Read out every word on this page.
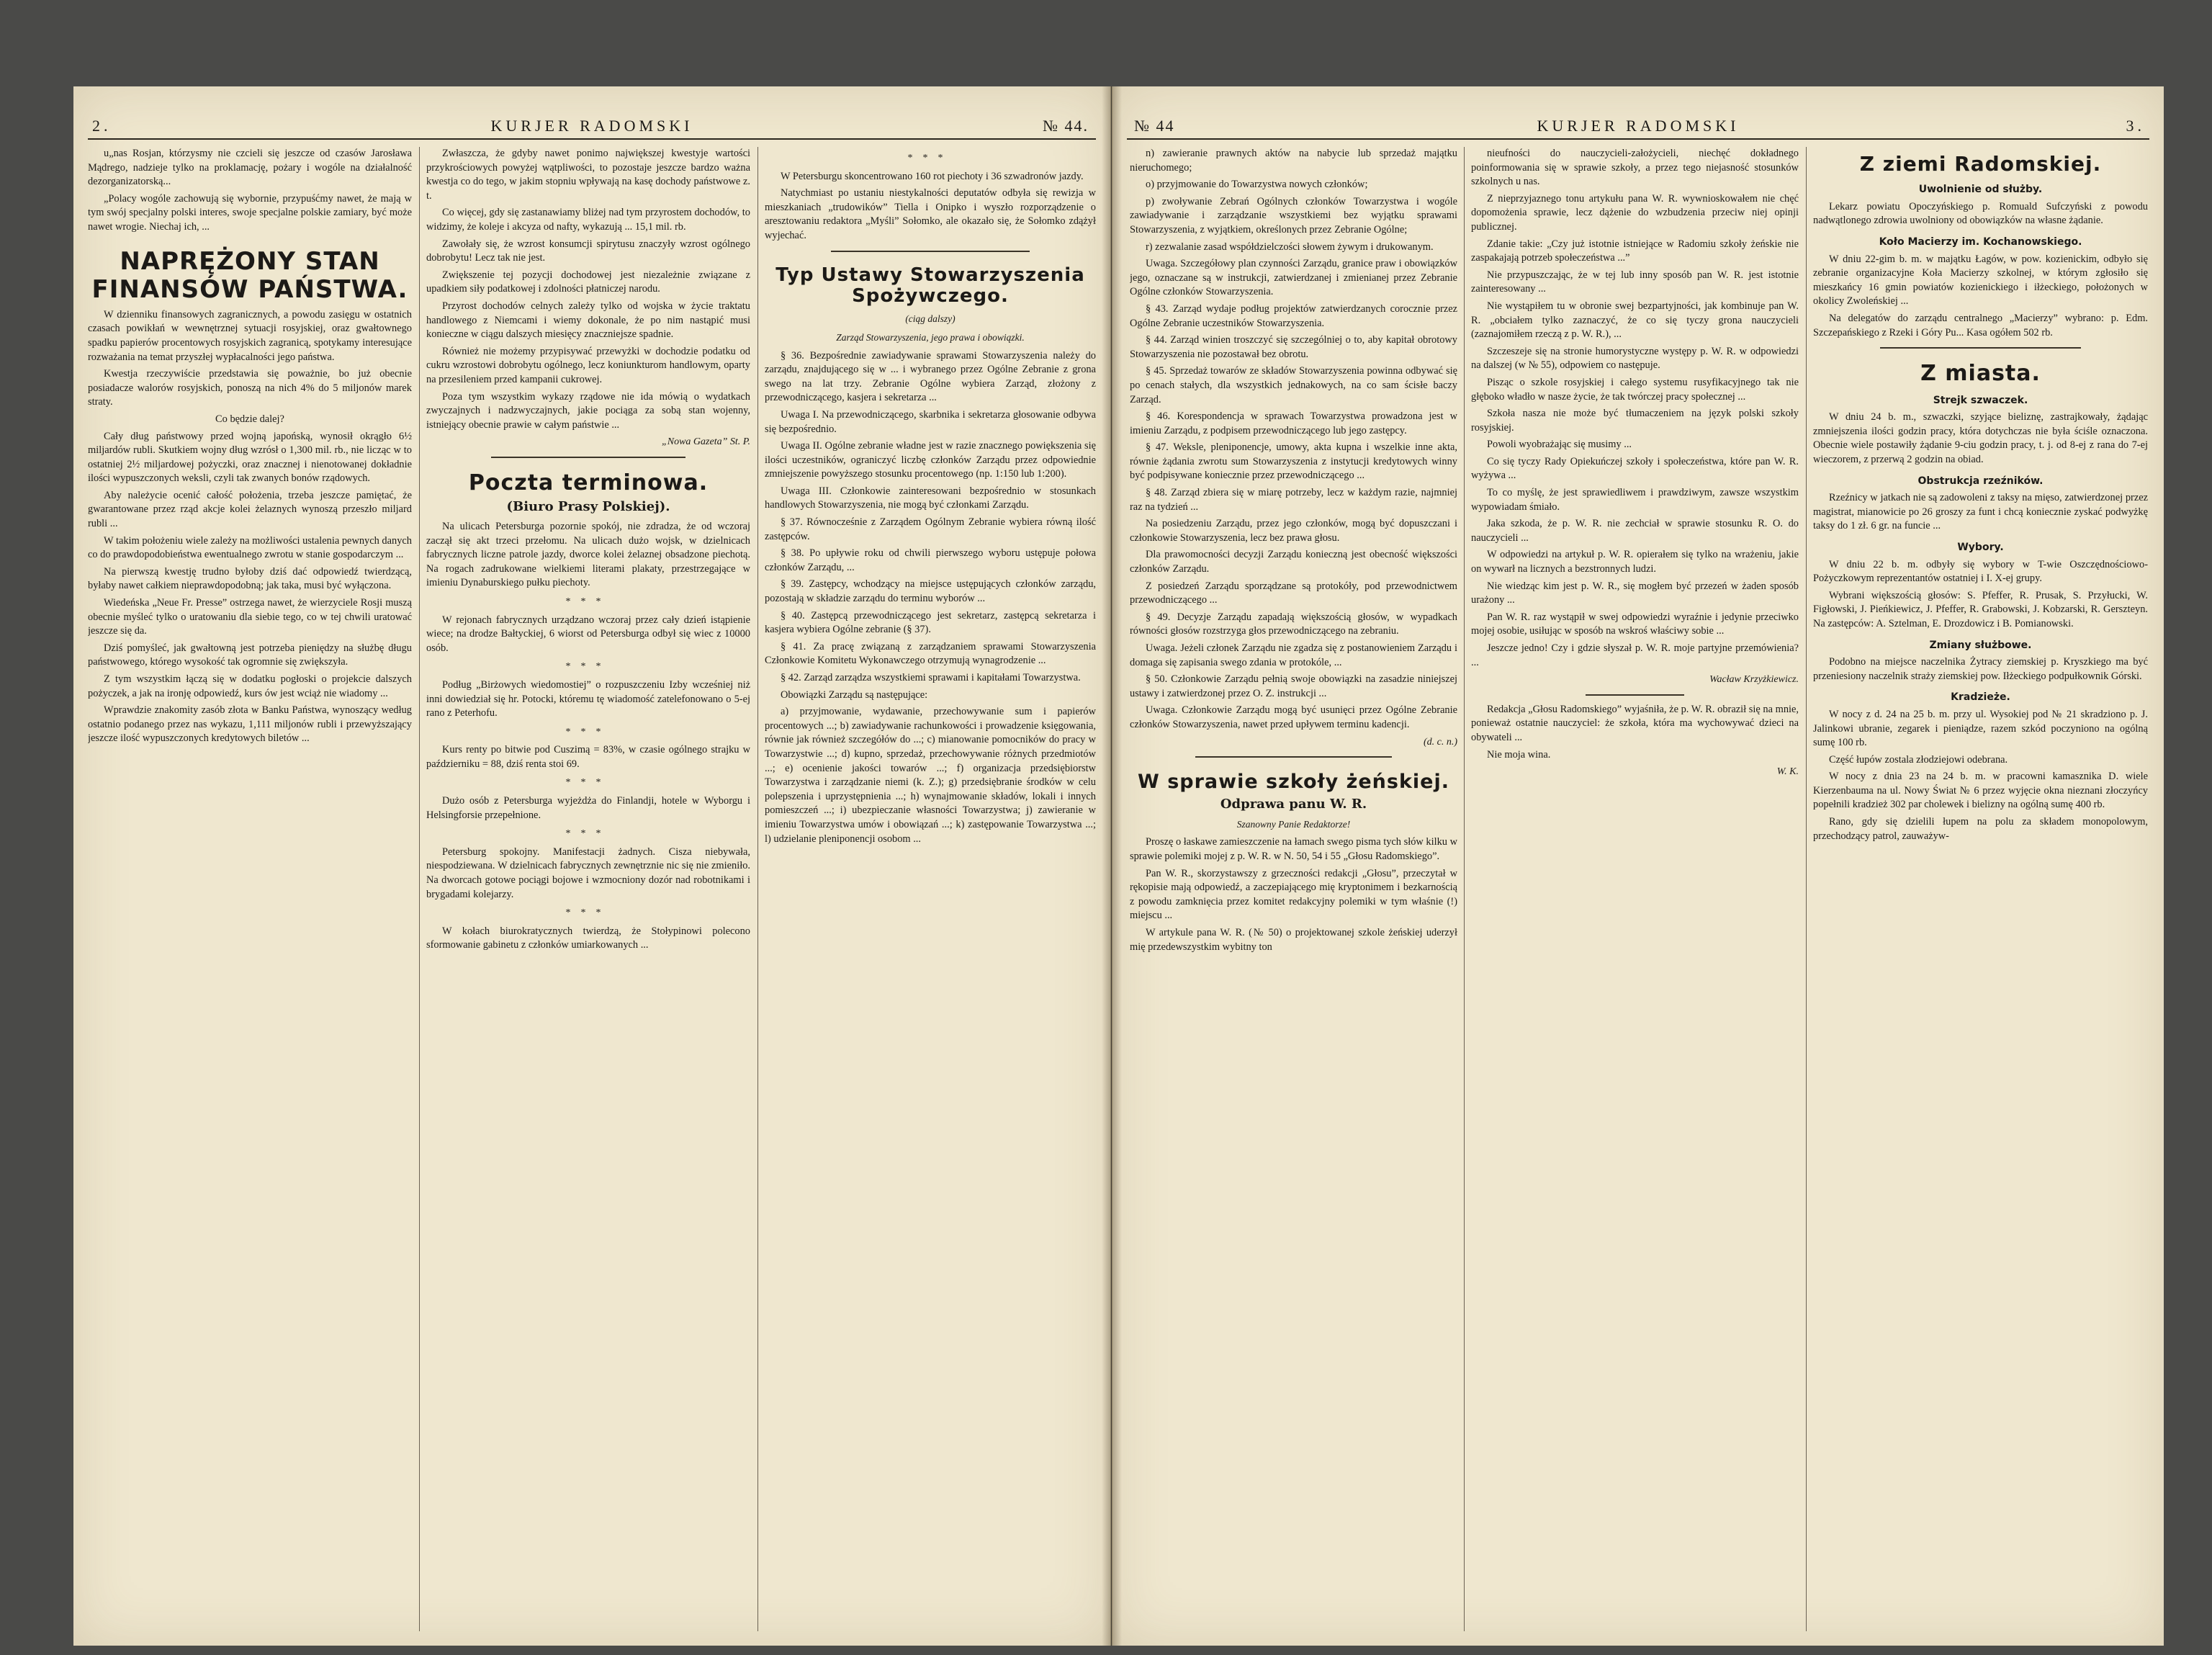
2.	KURJER RADOMSKI	№ 44.

u„nas Rosjan, którzysmy nie czcieli się jeszcze od czasów Jarosława Mądrego, nadzieje tylko na proklamację, pożary i wogóle na działalność dezorganizatorską...

„Polacy wogóle zachowują się wybornie, przypuśćmy nawet, że mają w tym swój specjalny polski interes, swoje specjalne polskie zamiary, być może nawet wrogie. Niechaj ich, ...

NAPRĘŻONY STAN FINANSÓW PAŃSTWA.

W dzienniku finansowych zagranicznych, a powodu zasięgu w ostatnich czasach powikłań w wewnętrznej sytuacji rosyjskiej, oraz gwałtownego spadku papierów procentowych rosyjskich zagranicą, spotykamy interesujące rozważania na temat przyszłej wypłacalności jego państwa.

Kwestja rzeczywiście przedstawia się poważnie, bo już obecnie posiadacze walorów rosyjskich, ponoszą na nich 4% do 5 miljonów marek straty.

Co będzie dalej?

Cały dług państwowy przed wojną japońską, wynosił okrągło 6½ miljardów rubli. Skutkiem wojny dług wzrósł o 1,300 mil. rb., nie licząc w to ostatniej 2½ miljardowej pożyczki, oraz znacznej i nienotowanej dokładnie ilości wypuszczonych weksli, czyli tak zwanych bonów rządowych.

Aby należycie ocenić całość położenia, trzeba jeszcze pamiętać, że gwarantowane przez rząd akcje kolei żelaznych wynoszą przeszło miljard rubli ...

W takim położeniu wiele zależy na możliwości ustalenia pewnych danych co do prawdopodobieństwa ewentualnego zwrotu w stanie gospodarczym ...

Na pierwszą kwestję trudno byłoby dziś dać odpowiedź twierdzącą, byłaby nawet całkiem nieprawdopodobną; jak taka, musi być wyłączona.

Wiedeńska „Neue Fr. Presse” ostrzega nawet, że wierzyciele Rosji muszą obecnie myśleć tylko o uratowaniu dla siebie tego, co w tej chwili uratować jeszcze się da.

Dziś pomyśleć, jak gwałtowną jest potrzeba pieniędzy na służbę długu państwowego, którego wysokość tak ogromnie się zwiększyła.

Z tym wszystkim łączą się w dodatku pogłoski o projekcie dalszych pożyczek, a jak na ironję odpowiedź, kurs ów jest wciąż nie wiadomy ...

Wprawdzie znakomity zasób złota w Banku Państwa, wynoszący według ostatnio podanego przez nas wykazu, 1,111 miljonów rubli i przewyższający jeszcze ilość wypuszczonych kredytowych biletów ...

Zwłaszcza, że gdyby nawet ponimo największej kwestyje wartości przykrościowych powyżej wątpliwości, to pozostaje jeszcze bardzo ważna kwestja co do tego, w jakim stopniu wpływają na kasę dochody państwowe z. t.

Co więcej, gdy się zastanawiamy bliżej nad tym przyrostem dochodów, to widzimy, że koleje i akcyza od nafty, wykazują ... 15,1 mil. rb.

Zawołały się, że wzrost konsumcji spirytusu znaczyły wzrost ogólnego dobrobytu! Lecz tak nie jest.

Zwiększenie tej pozycji dochodowej jest niezależnie związane z upadkiem siły podatkowej i zdolności płatniczej narodu.

Przyrost dochodów celnych zależy tylko od wojska w życie traktatu handlowego z Niemcami i wiemy dokonale, że po nim nastąpić musi konieczne w ciągu dalszych miesięcy znaczniejsze spadnie.

Również nie możemy przypisywać przewyżki w dochodzie podatku od cukru wzrostowi dobrobytu ogólnego, lecz koniunkturom handlowym, oparty na przesileniem przed kampanii cukrowej.

Poza tym wszystkim wykazy rządowe nie ida mówią o wydatkach zwyczajnych i nadzwyczajnych, jakie pociąga za sobą stan wojenny, istniejący obecnie prawie w całym państwie ...

„Nowa Gazeta” St. P.

Poczta terminowa.
(Biuro Prasy Polskiej).

Na ulicach Petersburga pozornie spokój, nie zdradza, że od wczoraj zaczął się akt trzeci przełomu. Na ulicach dużo wojsk, w dzielnicach fabrycznych liczne patrole jazdy, dworce kolei żelaznej obsadzone piechotą. Na rogach zadrukowane wielkiemi literami plakaty, przestrzegające w imieniu Dynaburskiego pułku piechoty.

***

W rejonach fabrycznych urządzano wczoraj przez cały dzień istąpienie wiece; na drodze Bałtyckiej, 6 wiorst od Petersburga odbył się wiec z 10000 osób.

***

Podług „Birżowych wiedomostiej” o rozpuszczeniu Izby wcześniej niż inni dowiedział się hr. Potocki, któremu tę wiadomość zatelefonowano o 5-ej rano z Peterhofu.

***

Kurs renty po bitwie pod Cuszimą = 83%, w czasie ogólnego strajku w październiku = 88, dziś renta stoi 69.

***

Dużo osób z Petersburga wyjeżdża do Finlandji, hotele w Wyborgu i Helsingforsie przepełnione.

***

Petersburg spokojny. Manifestacji żadnych. Cisza niebywała, niespodziewana. W dzielnicach fabrycznych zewnętrznie nic się nie zmieniło. Na dworcach gotowe pociągi bojowe i wzmocniony dozór nad robotnikami i brygadami kolejarzy.

***

W kołach biurokratycznych twierdzą, że Stołypinowi polecono sformowanie gabinetu z członków umiarkowanych ...

***

W Petersburgu skoncentrowano 160 rot piechoty i 36 szwadronów jazdy.

Natychmiast po ustaniu niestykalności deputatów odbyła się rewizja w mieszkaniach „trudowików” Tiella i Onipko i wyszło rozporządzenie o aresztowaniu redaktora „Myśli” Sołomko, ale okazało się, że Sołomko zdążył wyjechać.

Typ Ustawy Stowarzyszenia Spożywczego.
(ciąg dalszy)
Zarząd Stowarzyszenia, jego prawa i obowiązki.

§ 36. Bezpośrednie zawiadywanie sprawami Stowarzyszenia należy do zarządu, znajdującego się w ... i wybranego przez Ogólne Zebranie z grona swego na lat trzy. Zebranie Ogólne wybiera Zarząd, złożony z przewodniczącego, kasjera i sekretarza ...

Uwaga I. Na przewodniczącego, skarbnika i sekretarza głosowanie odbywa się bezpośrednio.

Uwaga II. Ogólne zebranie władne jest w razie znacznego powiększenia się ilości uczestników, ograniczyć liczbę członków Zarządu przez odpowiednie zmniejszenie powyższego stosunku procentowego (np. 1:150 lub 1:200).

Uwaga III. Członkowie zainteresowani bezpośrednio w stosunkach handlowych Stowarzyszenia, nie mogą być członkami Zarządu.

§ 37. Równocześnie z Zarządem Ogólnym Zebranie wybiera równą ilość zastępców.

§ 38. Po upływie roku od chwili pierwszego wyboru ustępuje połowa członków Zarządu, ...

§ 39. Zastępcy, wchodzący na miejsce ustępujących członków zarządu, pozostają w składzie zarządu do terminu wyborów ...

§ 40. Zastępcą przewodniczącego jest sekretarz, zastępcą sekretarza i kasjera wybiera Ogólne zebranie (§ 37).

§ 41. Za pracę związaną z zarządzaniem sprawami Stowarzyszenia Członkowie Komitetu Wykonawczego otrzymują wynagrodzenie ...

§ 42. Zarząd zarządza wszystkiemi sprawami i kapitałami Towarzystwa.

Obowiązki Zarządu są następujące:

a) przyjmowanie, wydawanie, przechowywanie sum i papierów procentowych ...; b) zawiadywanie rachunkowości i prowadzenie księgowania, równie jak również szczegółów do ...; c) mianowanie pomocników do pracy w Towarzystwie ...; d) kupno, sprzedaż, przechowywanie różnych przedmiotów ...; e) ocenienie jakości towarów ...; f) organizacja przedsiębiorstw Towarzystwa i zarządzanie niemi (k. Z.); g) przedsiębranie środków w celu polepszenia i uprzystępnienia ...; h) wynajmowanie składów, lokali i innych pomieszczeń ...; i) ubezpieczanie własności Towarzystwa; j) zawieranie w imieniu Towarzystwa umów i obowiązań ...; k) zastępowanie Towarzystwa ...; l) udzielanie pleniponencji osobom ...

№ 44	KURJER RADOMSKI	3.

n) zawieranie prawnych aktów na nabycie lub sprzedaż majątku nieruchomego;

o) przyjmowanie do Towarzystwa nowych członków;

p) zwoływanie Zebrań Ogólnych członków Towarzystwa i wogóle zawiadywanie i zarządzanie wszystkiemi bez wyjątku sprawami Stowarzyszenia, z wyjątkiem, określonych przez Zebranie Ogólne;

r) zezwalanie zasad współdzielczości słowem żywym i drukowanym.

Uwaga. Szczegółowy plan czynności Zarządu, granice praw i obowiązków jego, oznaczane są w instrukcji, zatwierdzanej i zmienianej przez Zebranie Ogólne członków Stowarzyszenia.

§ 43. Zarząd wydaje podług projektów zatwierdzanych corocznie przez Ogólne Zebranie uczestników Stowarzyszenia.

§ 44. Zarząd winien troszczyć się szczególniej o to, aby kapitał obrotowy Stowarzyszenia nie pozostawał bez obrotu.

§ 45. Sprzedaż towarów ze składów Stowarzyszenia powinna odbywać się po cenach stałych, dla wszystkich jednakowych, na co sam ścisłe baczy Zarząd.

§ 46. Korespondencja w sprawach Towarzystwa prowadzona jest w imieniu Zarządu, z podpisem przewodniczącego lub jego zastępcy.

§ 47. Weksle, pleniponencje, umowy, akta kupna i wszelkie inne akta, równie żądania zwrotu sum Stowarzyszenia z instytucji kredytowych winny być podpisywane koniecznie przez przewodniczącego ...

§ 48. Zarząd zbiera się w miarę potrzeby, lecz w każdym razie, najmniej raz na tydzień ...

Na posiedzeniu Zarządu, przez jego członków, mogą być dopuszczani i członkowie Stowarzyszenia, lecz bez prawa głosu.

Dla prawomocności decyzji Zarządu konieczną jest obecność większości członków Zarządu.

Z posiedzeń Zarządu sporządzane są protokóły, pod przewodnictwem przewodniczącego ...

§ 49. Decyzje Zarządu zapadają większością głosów, w wypadkach równości głosów rozstrzyga głos przewodniczącego na zebraniu.

Uwaga. Jeżeli członek Zarządu nie zgadza się z postanowieniem Zarządu i domaga się zapisania swego zdania w protokóle, ...

§ 50. Członkowie Zarządu pełnią swoje obowiązki na zasadzie niniejszej ustawy i zatwierdzonej przez O. Z. instrukcji ...

Uwaga. Członkowie Zarządu mogą być usunięci przez Ogólne Zebranie członków Stowarzyszenia, nawet przed upływem terminu kadencji.

(d. c. n.)

W sprawie szkoły żeńskiej.
Odprawa panu W. R.
Szanowny Panie Redaktorze!

Proszę o łaskawe zamieszczenie na łamach swego pisma tych słów kilku w sprawie polemiki mojej z p. W. R. w N. 50, 54 i 55 „Głosu Radomskiego”.

Pan W. R., skorzystawszy z grzeczności redakcji „Głosu”, przeczytał w rękopisie mają odpowiedź, a zaczepiającego mię kryptonimem i bezkarnością z powodu zamknięcia przez komitet redakcyjny polemiki w tym właśnie (!) miejscu ...

W artykule pana W. R. (№ 50) o projektowanej szkole żeńskiej uderzył mię przedewszystkim wybitny ton

nieufności do nauczycieli-założycieli, niechęć dokładnego poinformowania się w sprawie szkoły, a przez tego niejasność stosunków szkolnych u nas.

Z nieprzyjaznego tonu artykułu pana W. R. wywnioskowałem nie chęć dopomożenia sprawie, lecz dążenie do wzbudzenia przeciw niej opinji publicznej.

Zdanie takie: „Czy już istotnie istniejące w Radomiu szkoły żeńskie nie zaspakajają potrzeb społeczeństwa ...”

Nie przypuszczając, że w tej lub inny sposób pan W. R. jest istotnie zainteresowany ...

Nie wystąpiłem tu w obronie swej bezpartyjności, jak kombinuje pan W. R. „obciałem tylko zaznaczyć, że co się tyczy grona nauczycieli (zaznajomiłem rzeczą z p. W. R.), ...

Szczeszeje się na stronie humorystyczne występy p. W. R. w odpowiedzi na dalszej (w № 55), odpowiem co następuje.

Pisząc o szkole rosyjskiej i całego systemu rusyfikacyjnego tak nie głęboko władło w nasze życie, że tak twórczej pracy społecznej ...

Szkoła nasza nie może być tłumaczeniem na język polski szkoły rosyjskiej.

Powoli wyobrażając się musimy ...

Co się tyczy Rady Opiekuńczej szkoły i społeczeństwa, które pan W. R. wyżywa ...

To co myślę, że jest sprawiedliwem i prawdziwym, zawsze wszystkim wypowiadam śmiało.

Jaka szkoda, że p. W. R. nie zechciał w sprawie stosunku R. O. do nauczycieli ...

W odpowiedzi na artykuł p. W. R. opierałem się tylko na wrażeniu, jakie on wywarł na licznych a bezstronnych ludzi.

Nie wiedząc kim jest p. W. R., się mogłem być przezeń w żaden sposób urażony ...

Pan W. R. raz wystąpił w swej odpowiedzi wyraźnie i jedynie przeciwko mojej osobie, usiłując w sposób na wskroś właściwy sobie ...

Jeszcze jedno! Czy i gdzie słyszał p. W. R. moje partyjne przemówienia? ...

Wacław Krzyżkiewicz.

Redakcja „Głosu Radomskiego” wyjaśniła, że p. W. R. obraził się na mnie, ponieważ ostatnie nauczyciel: że szkoła, która ma wychowywać dzieci na obywateli ...

Nie moja wina.

W. K.

Z ziemi Radomskiej.
Uwolnienie od służby.

Lekarz powiatu Opoczyńskiego p. Romuald Sufczyński z powodu nadwątlonego zdrowia uwolniony od obowiązków na własne żądanie.

Koło Macierzy im. Kochanowskiego.

W dniu 22-gim b. m. w majątku Łagów, w pow. kozienickim, odbyło się zebranie organizacyjne Koła Macierzy szkolnej, w którym zgłosiło się mieszkańcy 16 gmin powiatów kozienickiego i iłżeckiego, położonych w okolicy Zwoleńskiej ...

Na delegatów do zarządu centralnego „Macierzy” wybrano: p. Edm. Szczepańskiego z Rzeki i Góry Pu... Kasa ogółem 502 rb.

Z miasta.
Strejk szwaczek.

W dniu 24 b. m., szwaczki, szyjące bieliznę, zastrajkowały, żądając zmniejszenia ilości godzin pracy, która dotychczas nie była ściśle oznaczona. Obecnie wiele postawiły żądanie 9-ciu godzin pracy, t. j. od 8-ej z rana do 7-ej wieczorem, z przerwą 2 godzin na obiad.

Obstrukcja rzeźników.

Rzeźnicy w jatkach nie są zadowoleni z taksy na mięso, zatwierdzonej przez magistrat, mianowicie po 26 groszy za funt i chcą koniecznie zyskać podwyżkę taksy do 1 zł. 6 gr. na funcie ...

Wybory.

W dniu 22 b. m. odbyły się wybory w T-wie Oszczędnościowo-Pożyczkowym reprezentantów ostatniej i I. X-ej grupy.

Wybrani większością głosów: S. Pfeffer, R. Prusak, S. Przyłucki, W. Figłowski, J. Pieńkiewicz, J. Pfeffer, R. Grabowski, J. Kobzarski, R. Gerszteyn. Na zastępców: A. Sztelman, E. Drozdowicz i B. Pomianowski.

Zmiany służbowe.

Podobno na miejsce naczelnika Żytracy ziemskiej p. Kryszkiego ma być przeniesiony naczelnik straży ziemskiej pow. Iłżeckiego podpułkownik Górski.

Kradzieże.

W nocy z d. 24 na 25 b. m. przy ul. Wysokiej pod № 21 skradziono p. J. Jalinkowi ubranie, zegarek i pieniądze, razem szkód poczyniono na ogólną sumę 100 rb.

Część łupów zostala złodziejowi odebrana.

W nocy z dnia 23 na 24 b. m. w pracowni kamasznika D. wiele Kierzenbauma na ul. Nowy Świat № 6 przez wyjęcie okna nieznani złoczyńcy popełnili kradzież 302 par cholewek i bielizny na ogólną sumę 400 rb.

Rano, gdy się dzielili łupem na polu za składem monopolowym, przechodzący patrol, zauważyw-
